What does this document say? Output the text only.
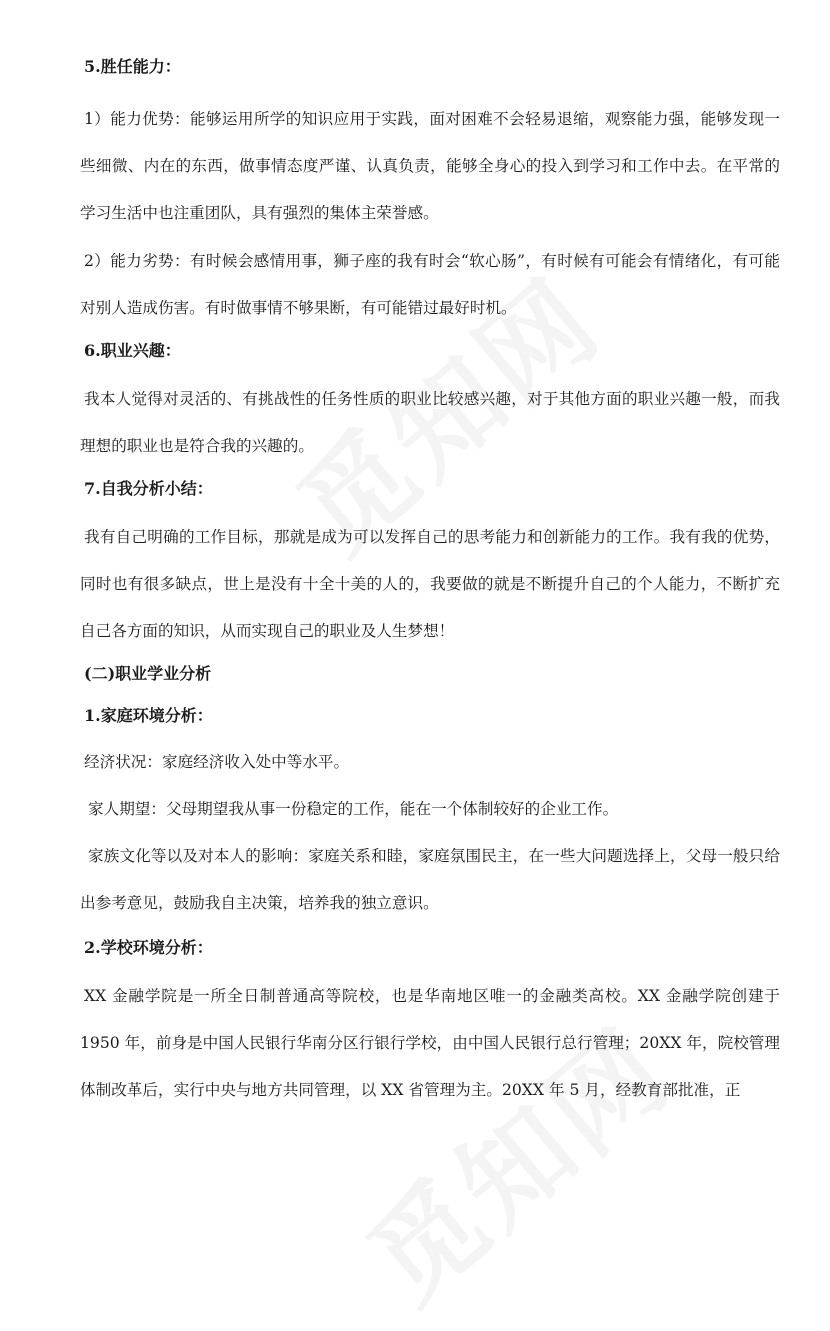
5.胜任能力：

1）能力优势：能够运用所学的知识应用于实践，面对困难不会轻易退缩，观察能力强，能够发现一些细微、内在的东西，做事情态度严谨、认真负责，能够全身心的投入到学习和工作中去。在平常的学习生活中也注重团队，具有强烈的集体主荣誉感。

2）能力劣势：有时候会感情用事，狮子座的我有时会“软心肠”，有时候有可能会有情绪化，有可能对别人造成伤害。有时做事情不够果断，有可能错过最好时机。

6.职业兴趣：

我本人觉得对灵活的、有挑战性的任务性质的职业比较感兴趣，对于其他方面的职业兴趣一般，而我理想的职业也是符合我的兴趣的。

7.自我分析小结：

我有自己明确的工作目标，那就是成为可以发挥自己的思考能力和创新能力的工作。我有我的优势，同时也有很多缺点，世上是没有十全十美的人的，我要做的就是不断提升自己的个人能力，不断扩充自己各方面的知识，从而实现自己的职业及人生梦想！

(二)职业学业分析
1.家庭环境分析：

经济状况：家庭经济收入处中等水平。

家人期望：父母期望我从事一份稳定的工作，能在一个体制较好的企业工作。

家族文化等以及对本人的影响：家庭关系和睦，家庭氛围民主，在一些大问题选择上，父母一般只给出参考意见，鼓励我自主决策，培养我的独立意识。

2.学校环境分析：

XX 金融学院是一所全日制普通高等院校，也是华南地区唯一的金融类高校。XX 金融学院创建于 1950 年，前身是中国人民银行华南分区行银行学校，由中国人民银行总行管理；20XX 年，院校管理体制改革后，实行中央与地方共同管理，以 XX 省管理为主。20XX 年 5 月，经教育部批准，正
